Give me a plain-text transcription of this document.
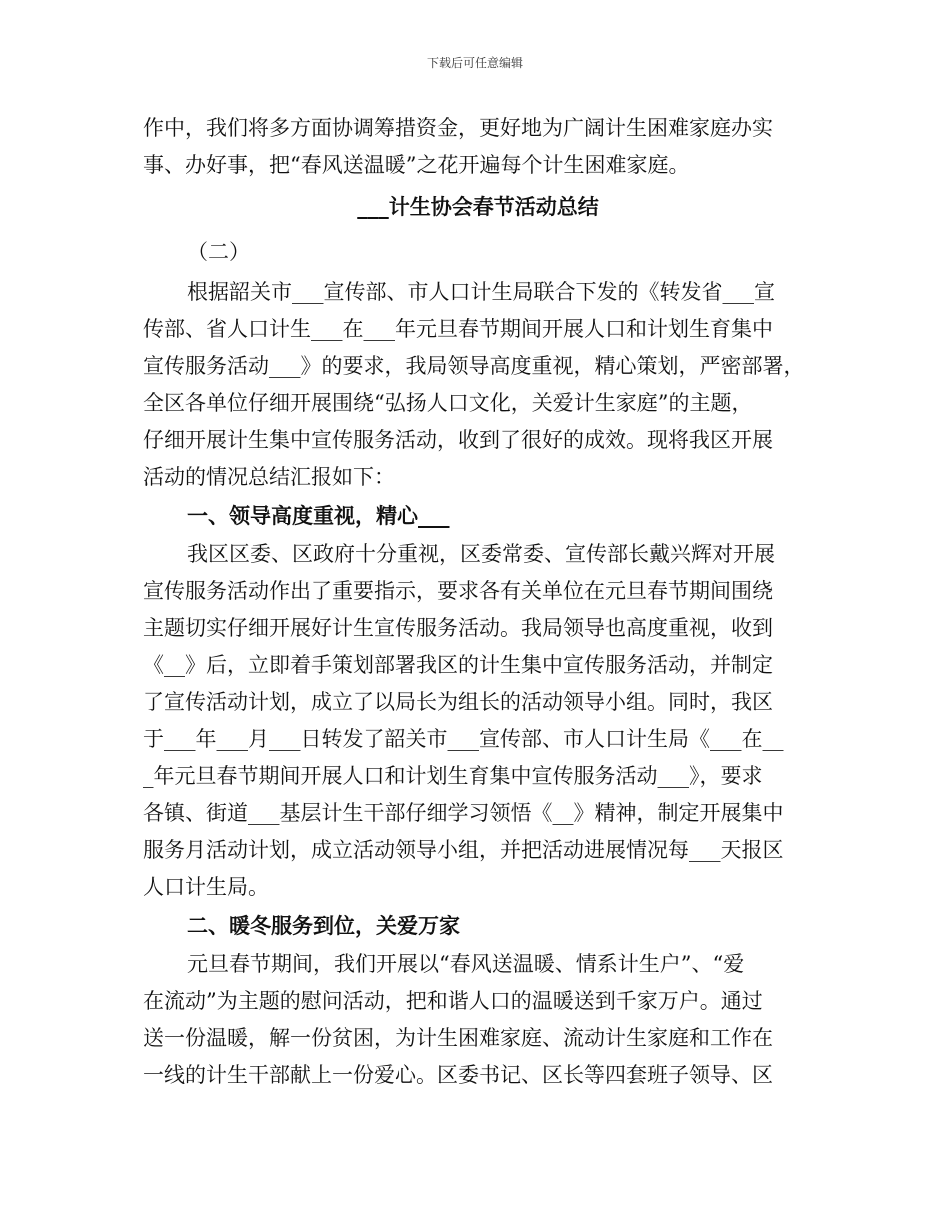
下载后可任意编辑
作中，我们将多方面协调筹措资金，更好地为广阔计生困难家庭办实
事、办好事，把“春风送温暖”之花开遍每个计生困难家庭。
___计生协会春节活动总结
（二）
根据韶关市___宣传部、市人口计生局联合下发的《转发省___宣
传部、省人口计生___在___年元旦春节期间开展人口和计划生育集中
宣传服务活动___》的要求，我局领导高度重视，精心策划，严密部署，
全区各单位仔细开展围绕“弘扬人口文化，关爱计生家庭”的主题，
仔细开展计生集中宣传服务活动，收到了很好的成效。现将我区开展
活动的情况总结汇报如下：
一、领导高度重视，精心___
我区区委、区政府十分重视，区委常委、宣传部长戴兴辉对开展
宣传服务活动作出了重要指示，要求各有关单位在元旦春节期间围绕
主题切实仔细开展好计生宣传服务活动。我局领导也高度重视，收到
《__》后，立即着手策划部署我区的计生集中宣传服务活动，并制定
了宣传活动计划，成立了以局长为组长的活动领导小组。同时，我区
于___年___月___日转发了韶关市___宣传部、市人口计生局《___在__
_年元旦春节期间开展人口和计划生育集中宣传服务活动___》，要求
各镇、街道___基层计生干部仔细学习领悟《__》精神，制定开展集中
服务月活动计划，成立活动领导小组，并把活动进展情况每___天报区
人口计生局。
二、暖冬服务到位，关爱万家
元旦春节期间，我们开展以“春风送温暖、情系计生户”、“爱
在流动”为主题的慰问活动，把和谐人口的温暖送到千家万户。通过
送一份温暖，解一份贫困，为计生困难家庭、流动计生家庭和工作在
一线的计生干部献上一份爱心。区委书记、区长等四套班子领导、区
